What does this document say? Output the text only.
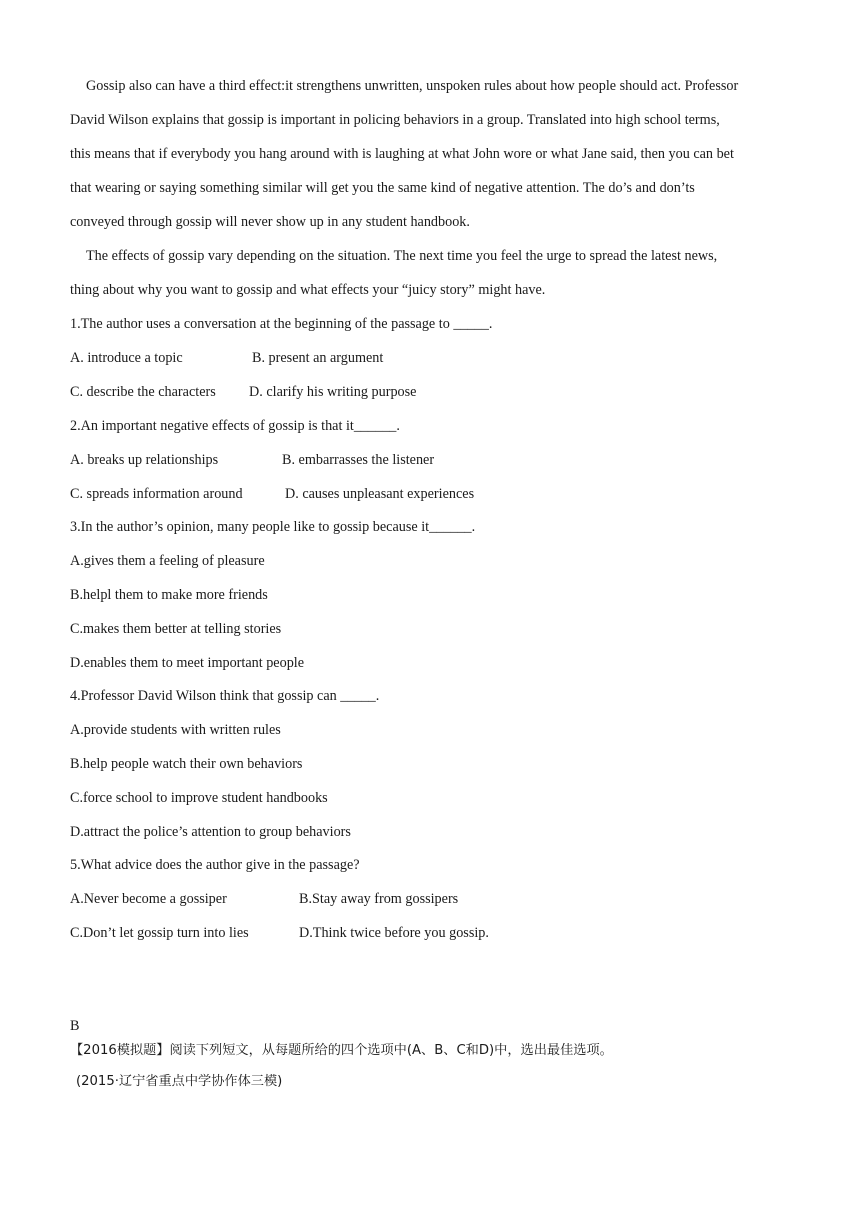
Gossip also can have a third effect:it strengthens unwritten, unspoken rules about how people should act. Professor
David Wilson explains that gossip is important in policing behaviors in a group. Translated into high school terms,
this means that if everybody you hang around with is laughing at what John wore or what Jane said, then you can bet
that wearing or saying something similar will get you the same kind of negative attention. The do’s and don’ts
conveyed through gossip will never show up in any student handbook.
The effects of gossip vary depending on the situation. The next time you feel the urge to spread the latest news,
thing about why you want to gossip and what effects your “juicy story” might have.
1.The author uses a conversation at the beginning of the passage to _____.
A. introduce a topic	B. present an argument
C. describe the characters D. clarify his writing purpose
2.An important negative effects of gossip is that it______.
A. breaks up relationships	B. embarrasses the listener
C. spreads information around	D. causes unpleasant experiences
3.In the author’s opinion, many people like to gossip because it______.
A.gives them a feeling of pleasure
B.helpl them to make more friends
C.makes them better at telling stories
D.enables them to meet important people
4.Professor David Wilson think that gossip can _____.
A.provide students with written rules
B.help people watch their own behaviors
C.force school to improve student handbooks
D.attract the police’s attention to group behaviors
5.What advice does the author give in the passage?
A.Never become a gossiper	B.Stay away from gossipers
C.Don’t let gossip turn into lies	D.Think twice before you gossip.
B
【2016模拟题】阅读下列短文，从每题所给的四个选项中(A、B、C和D)中，选出最佳选项。
(2015·辽宁省重点中学协作体三模)
